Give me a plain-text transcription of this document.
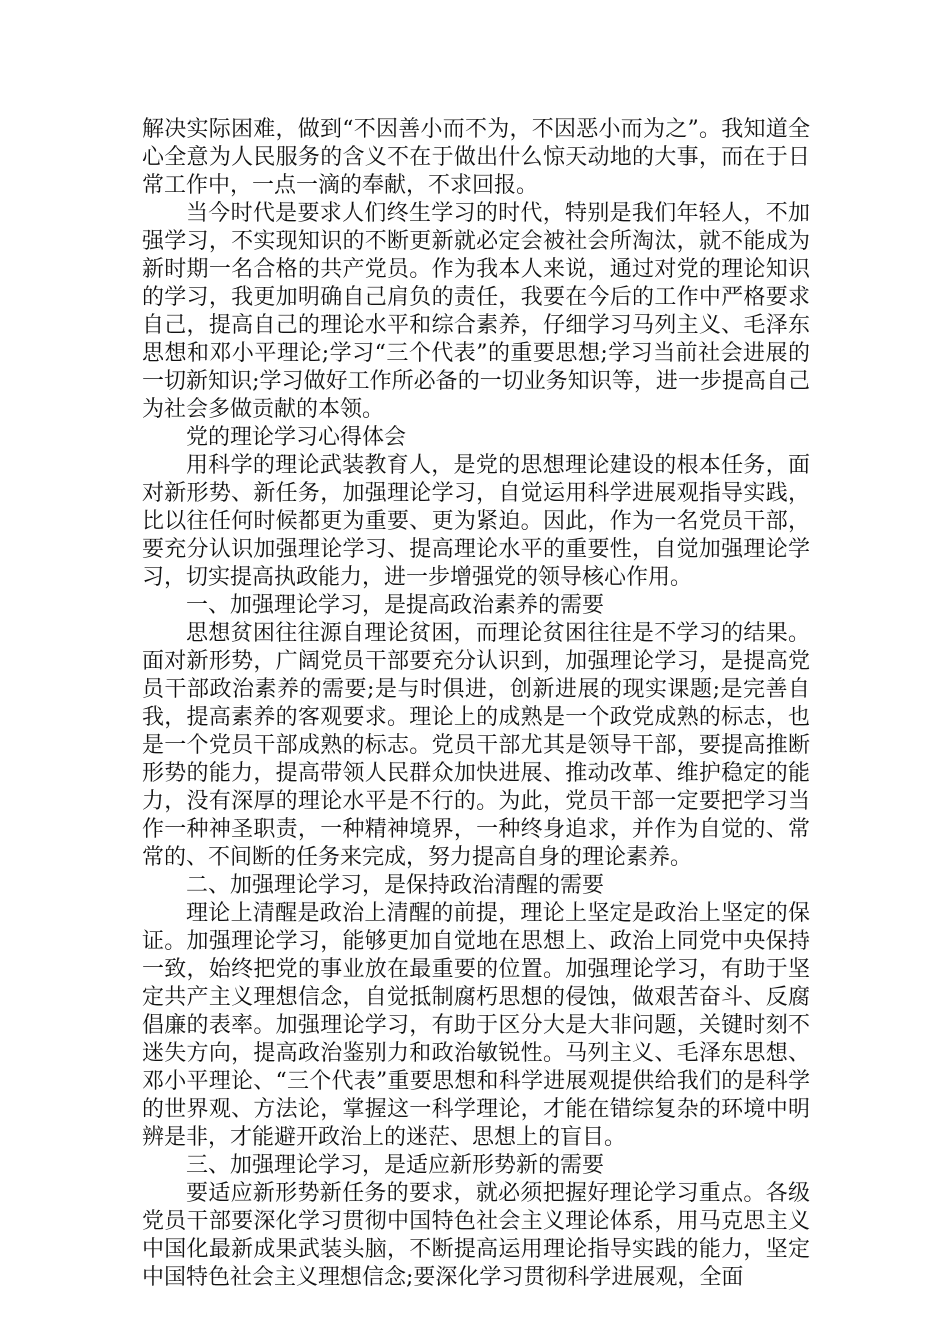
解决实际困难，做到“不因善小而不为，不因恶小而为之”。我知道全心全意为人民服务的含义不在于做出什么惊天动地的大事，而在于日常工作中，一点一滴的奉献，不求回报。

当今时代是要求人们终生学习的时代，特别是我们年轻人，不加强学习，不实现知识的不断更新就必定会被社会所淘汰，就不能成为新时期一名合格的共产党员。作为我本人来说，通过对党的理论知识的学习，我更加明确自己肩负的责任，我要在今后的工作中严格要求自己，提高自己的理论水平和综合素养，仔细学习马列主义、毛泽东思想和邓小平理论;学习“三个代表”的重要思想;学习当前社会进展的一切新知识;学习做好工作所必备的一切业务知识等，进一步提高自己为社会多做贡献的本领。

党的理论学习心得体会

用科学的理论武装教育人，是党的思想理论建设的根本任务，面对新形势、新任务，加强理论学习，自觉运用科学进展观指导实践，比以往任何时候都更为重要、更为紧迫。因此，作为一名党员干部，要充分认识加强理论学习、提高理论水平的重要性，自觉加强理论学习，切实提高执政能力，进一步增强党的领导核心作用。

一、加强理论学习，是提高政治素养的需要

思想贫困往往源自理论贫困，而理论贫困往往是不学习的结果。面对新形势，广阔党员干部要充分认识到，加强理论学习，是提高党员干部政治素养的需要;是与时俱进，创新进展的现实课题;是完善自我，提高素养的客观要求。理论上的成熟是一个政党成熟的标志，也是一个党员干部成熟的标志。党员干部尤其是领导干部，要提高推断形势的能力，提高带领人民群众加快进展、推动改革、维护稳定的能力，没有深厚的理论水平是不行的。为此，党员干部一定要把学习当作一种神圣职责，一种精神境界，一种终身追求，并作为自觉的、常常的、不间断的任务来完成，努力提高自身的理论素养。

二、加强理论学习，是保持政治清醒的需要

理论上清醒是政治上清醒的前提，理论上坚定是政治上坚定的保证。加强理论学习，能够更加自觉地在思想上、政治上同党中央保持一致，始终把党的事业放在最重要的位置。加强理论学习，有助于坚定共产主义理想信念，自觉抵制腐朽思想的侵蚀，做艰苦奋斗、反腐倡廉的表率。加强理论学习，有助于区分大是大非问题，关键时刻不迷失方向，提高政治鉴别力和政治敏锐性。马列主义、毛泽东思想、邓小平理论、“三个代表”重要思想和科学进展观提供给我们的是科学的世界观、方法论，掌握这一科学理论，才能在错综复杂的环境中明辨是非，才能避开政治上的迷茫、思想上的盲目。

三、加强理论学习，是适应新形势新的需要

要适应新形势新任务的要求，就必须把握好理论学习重点。各级党员干部要深化学习贯彻中国特色社会主义理论体系，用马克思主义中国化最新成果武装头脑，不断提高运用理论指导实践的能力，坚定中国特色社会主义理想信念;要深化学习贯彻科学进展观，全面
